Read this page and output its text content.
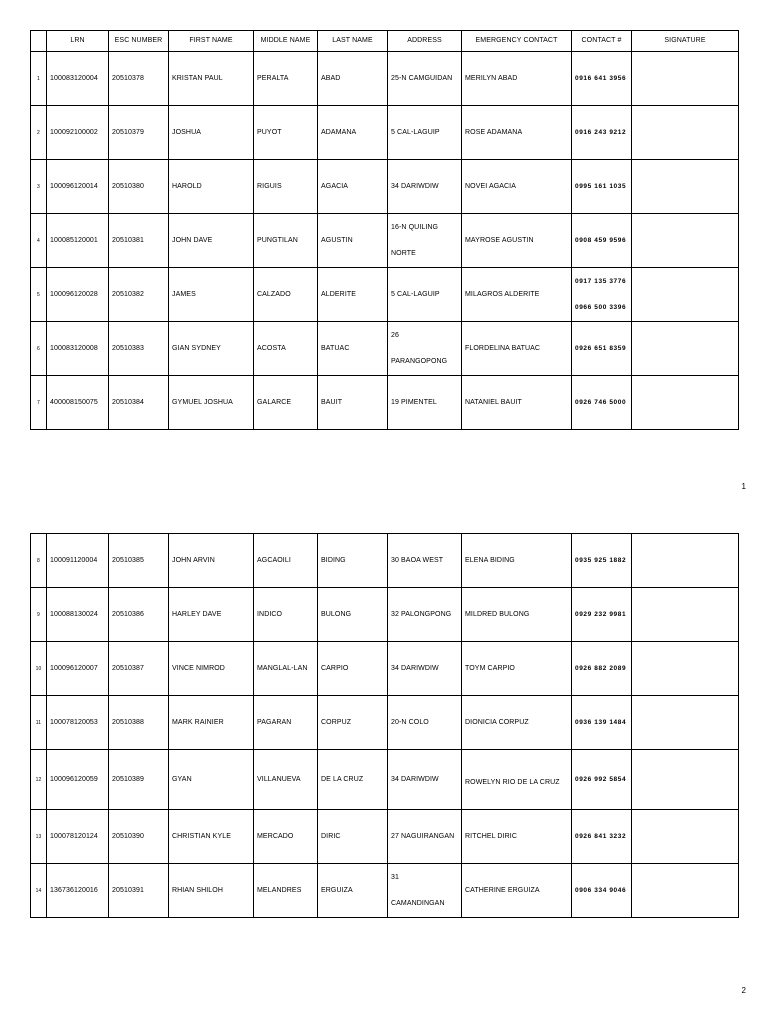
	LRN	ESC NUMBER	FIRST NAME	MIDDLE NAME	LAST NAME	ADDRESS	EMERGENCY CONTACT	CONTACT #	SIGNATURE
1	100083120004	20510378	KRISTAN PAUL	PERALTA	ABAD	25-N CAMGUIDAN	MERILYN ABAD	0916 641 3956	
2	100092100002	20510379	JOSHUA	PUYOT	ADAMANA	5 CAL-LAGUIP	ROSE ADAMANA	0916 243 9212	
3	100096120014	20510380	HAROLD	RIGUIS	AGACIA	34 DARIWDIW	NOVEI AGACIA	0995 161 1035	
4	100085120001	20510381	JOHN DAVE	PUNGTILAN	AGUSTIN	16-N QUILING
NORTE	MAYROSE AGUSTIN	0908 459 9596	
5	100096120028	20510382	JAMES	CALZADO	ALDERITE	5 CAL-LAGUIP	MILAGROS ALDERITE	0917 135 3776
0966 500 3396	

6	100083120008	20510383	GIAN SYDNEY	ACOSTA	BATUAC	26
PARANGOPONG	FLORDELINA BATUAC	0926 651 8359	
7	400008150075	20510384	GYMUEL JOSHUA	GALARCE	BAUIT	19 PIMENTEL	NATANIEL BAUIT	0926 746 5000	
1
8	100091120004	20510385	JOHN ARVIN	AGCAOILI	BIDING	30 BAOA WEST	ELENA BIDING	0935 925 1882	
9	100088130024	20510386	HARLEY DAVE	INDICO	BULONG	32 PALONGPONG	MILDRED BULONG	0929 232 9981	
10	100096120007	20510387	VINCE NIMROD	MANGLAL-LAN	CARPIO	34 DARIWDIW	TOYM CARPIO	0926 882 2089	
11	100078120053	20510388	MARK RAINIER	PAGARAN	CORPUZ	20-N COLO	DIONICIA CORPUZ	0936 139 1484	
12	100096120059	20510389	GYAN	VILLANUEVA	DE LA CRUZ	34 DARIWDIW	ROWELYN RIO DE LA CRUZ	0926 992 5854	
13	100078120124	20510390	CHRISTIAN KYLE	MERCADO	DIRIC	27 NAGUIRANGAN	RITCHEL DIRIC	0926 841 3232	
14	136736120016	20510391	RHIAN SHILOH	MELANDRES	ERGUIZA	31
CAMANDINGAN	CATHERINE ERGUIZA	0906 334 9046	
2
